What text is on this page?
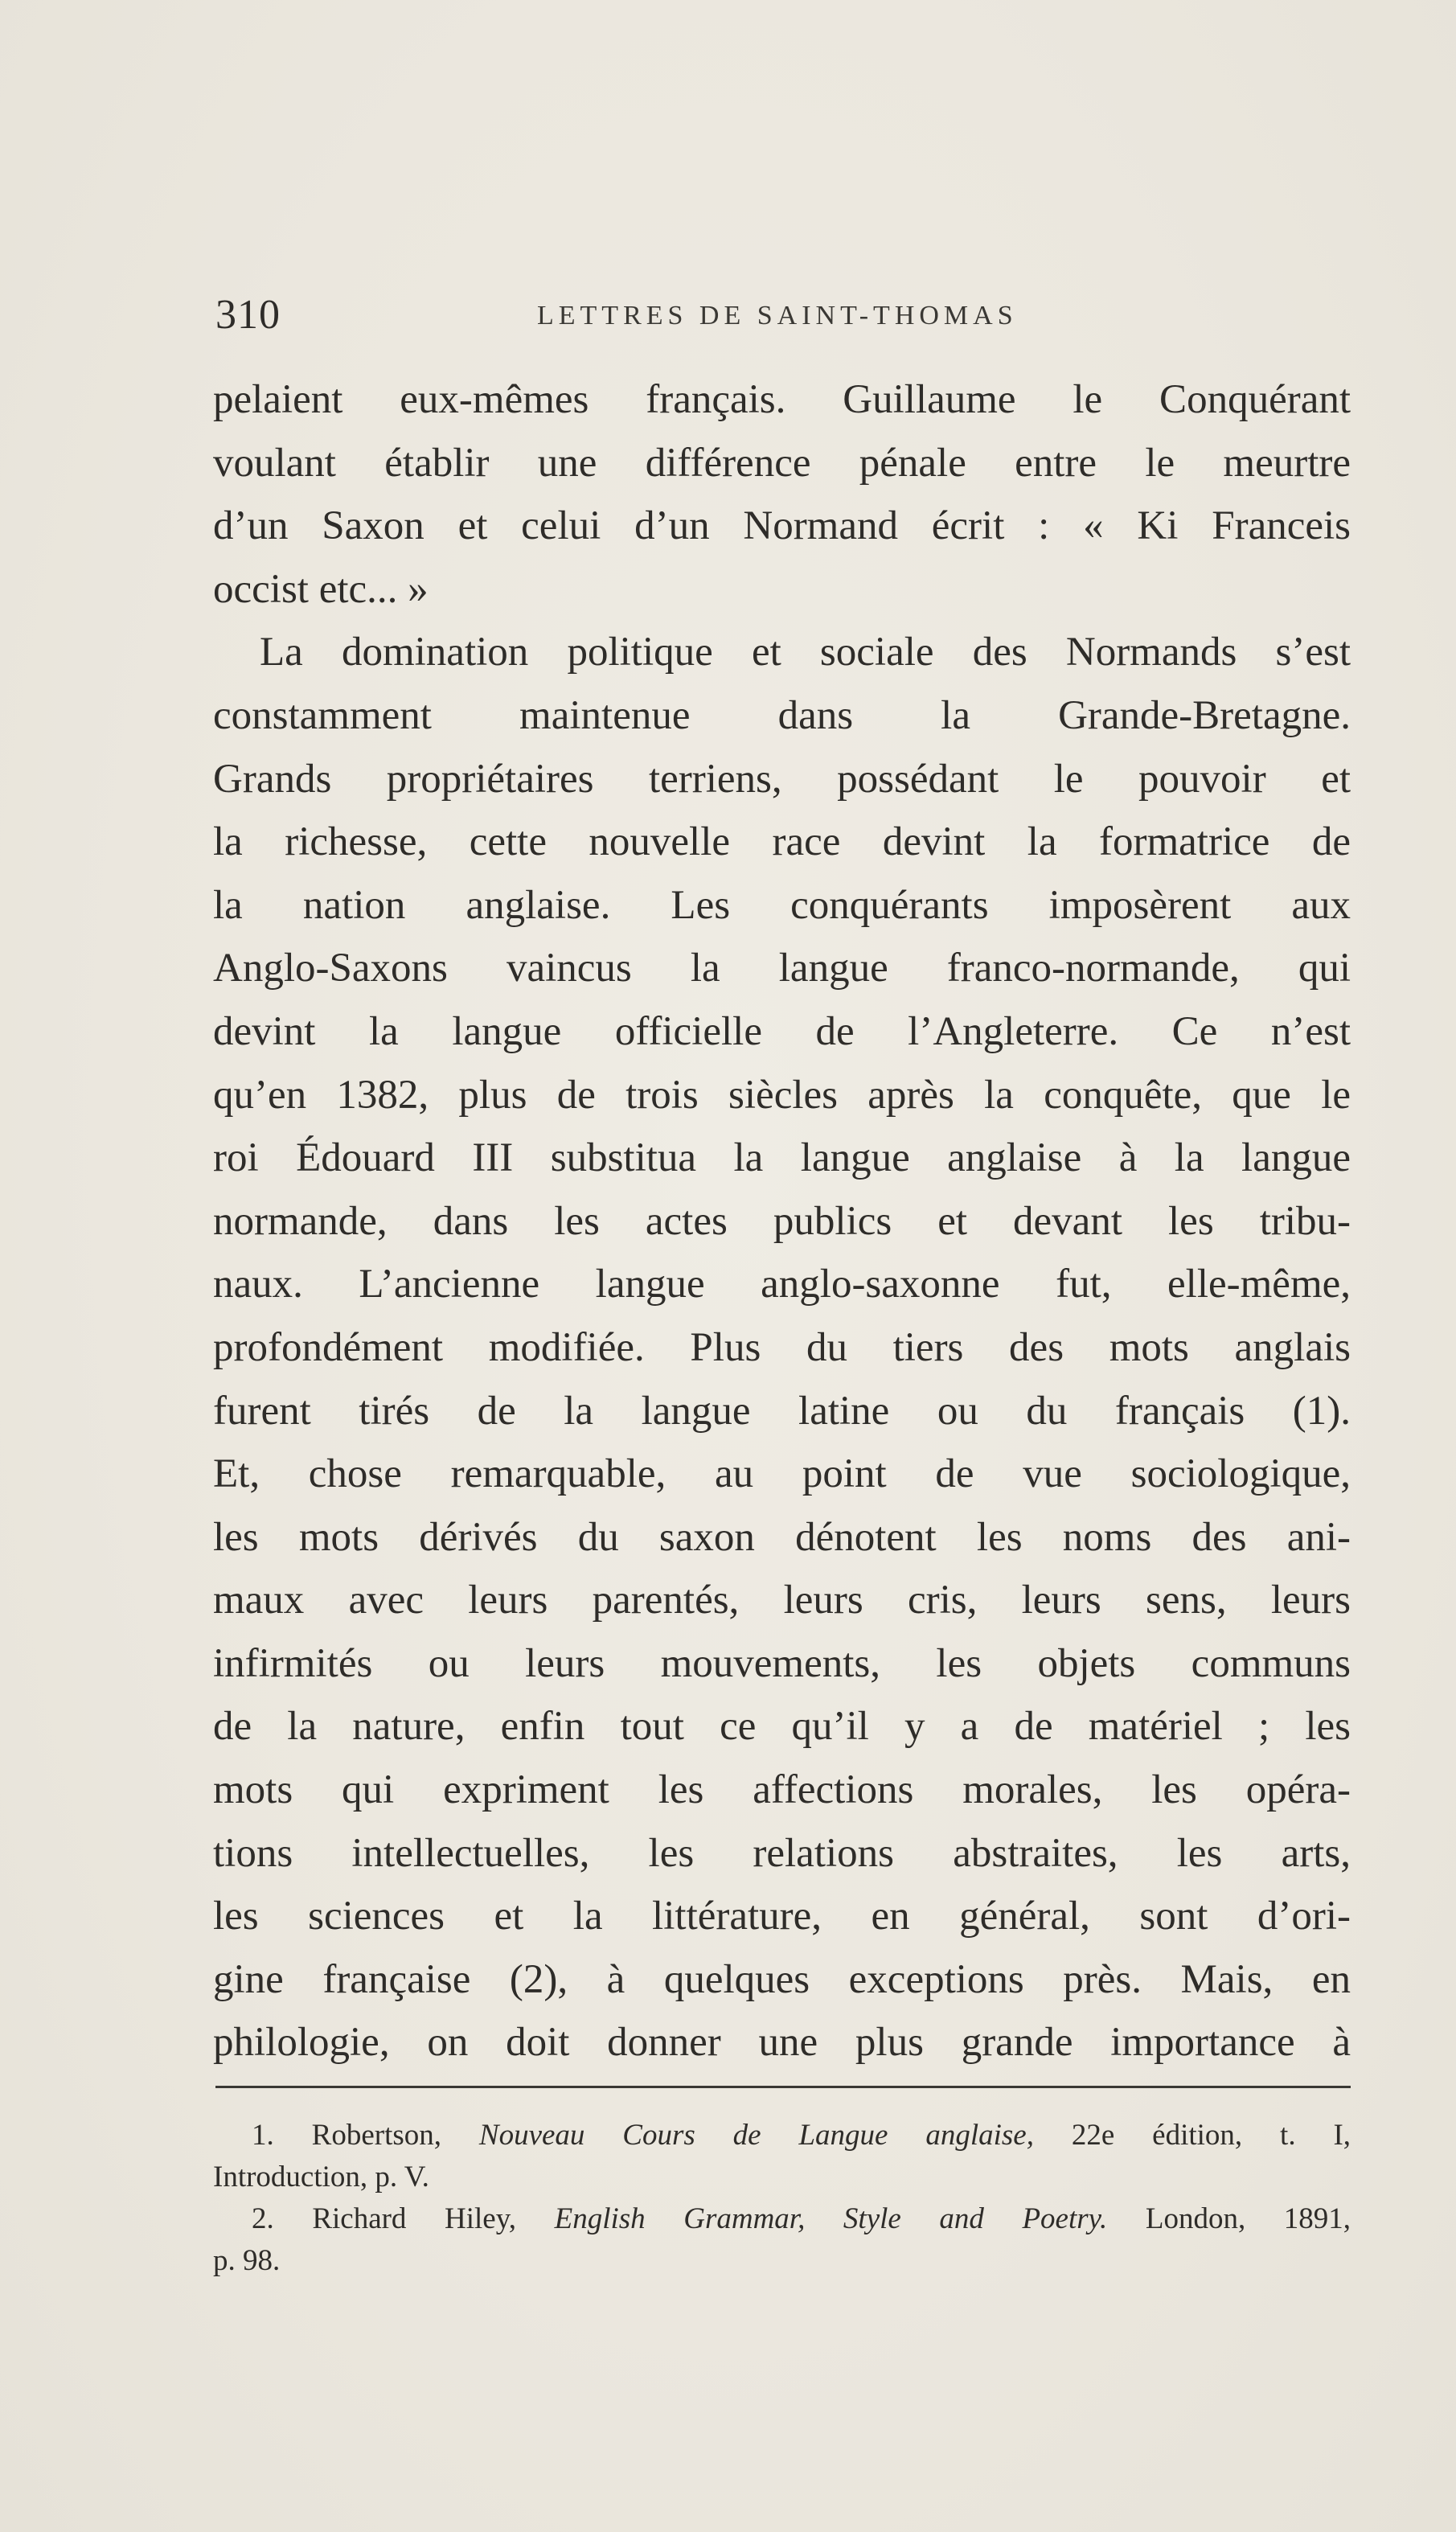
310	LETTRES DE SAINT-THOMAS
pelaient eux-mêmes français. Guillaume le Conquérant
voulant établir une différence pénale entre le meurtre
d’un Saxon et celui d’un Normand écrit : « Ki Franceis
occist etc... »
La domination politique et sociale des Normands s’est
constamment maintenue dans la Grande-Bretagne.
Grands propriétaires terriens, possédant le pouvoir et
la richesse, cette nouvelle race devint la formatrice de
la nation anglaise. Les conquérants imposèrent aux
Anglo-Saxons vaincus la langue franco-normande, qui
devint la langue officielle de l’Angleterre. Ce n’est
qu’en 1382, plus de trois siècles après la conquête, que le
roi Édouard III substitua la langue anglaise à la langue
normande, dans les actes publics et devant les tribu-
naux. L’ancienne langue anglo-saxonne fut, elle-même,
profondément modifiée. Plus du tiers des mots anglais
furent tirés de la langue latine ou du français (1).
Et, chose remarquable, au point de vue sociologique,
les mots dérivés du saxon dénotent les noms des ani-
maux avec leurs parentés, leurs cris, leurs sens, leurs
infirmités ou leurs mouvements, les objets communs
de la nature, enfin tout ce qu’il y a de matériel ; les
mots qui expriment les affections morales, les opéra-
tions intellectuelles, les relations abstraites, les arts,
les sciences et la littérature, en général, sont d’ori-
gine française (2), à quelques exceptions près. Mais, en
philologie, on doit donner une plus grande importance à
1. Robertson, Nouveau Cours de Langue anglaise, 22e édition, t. I,
Introduction, p. V.
2. Richard Hiley, English Grammar, Style and Poetry. London, 1891,
p. 98.
